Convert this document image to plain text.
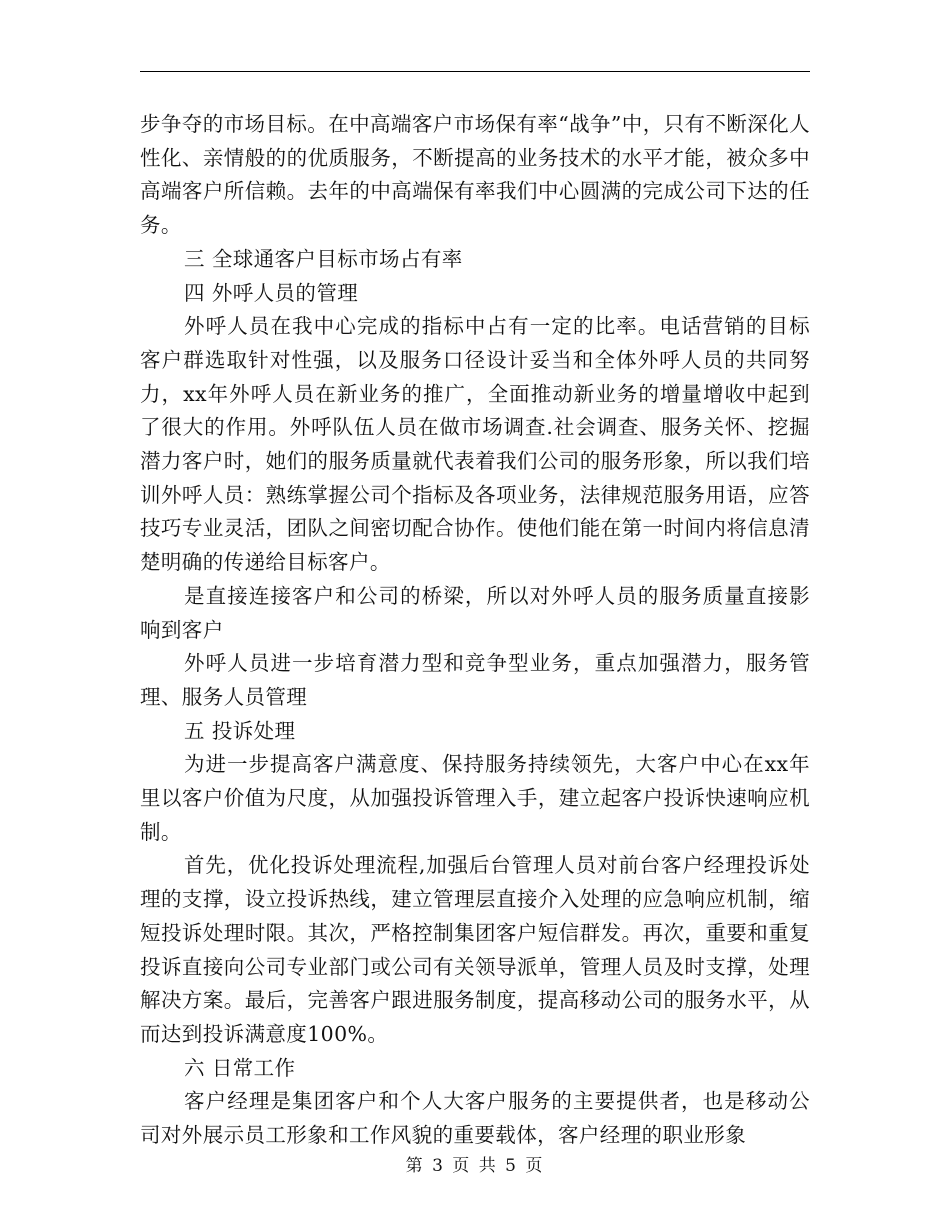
步争夺的市场目标。在中高端客户市场保有率“战争”中，只有不断深化人性化、亲情般的的优质服务，不断提高的业务技术的水平才能，被众多中高端客户所信赖。去年的中高端保有率我们中心圆满的完成公司下达的任务。

三 全球通客户目标市场占有率

四 外呼人员的管理

外呼人员在我中心完成的指标中占有一定的比率。电话营销的目标客户群选取针对性强，以及服务口径设计妥当和全体外呼人员的共同努力，xx年外呼人员在新业务的推广，全面推动新业务的增量增收中起到了很大的作用。外呼队伍人员在做市场调查.社会调查、服务关怀、挖掘潜力客户时，她们的服务质量就代表着我们公司的服务形象，所以我们培训外呼人员：熟练掌握公司个指标及各项业务，法律规范服务用语，应答技巧专业灵活，团队之间密切配合协作。使他们能在第一时间内将信息清楚明确的传递给目标客户。

是直接连接客户和公司的桥梁，所以对外呼人员的服务质量直接影响到客户

外呼人员进一步培育潜力型和竞争型业务，重点加强潜力，服务管理、服务人员管理

五 投诉处理

为进一步提高客户满意度、保持服务持续领先，大客户中心在xx年里以客户价值为尺度，从加强投诉管理入手，建立起客户投诉快速响应机制。

首先，优化投诉处理流程,加强后台管理人员对前台客户经理投诉处理的支撑，设立投诉热线，建立管理层直接介入处理的应急响应机制，缩短投诉处理时限。其次，严格控制集团客户短信群发。再次，重要和重复投诉直接向公司专业部门或公司有关领导派单，管理人员及时支撑，处理解决方案。最后，完善客户跟进服务制度，提高移动公司的服务水平，从而达到投诉满意度100%。

六 日常工作

客户经理是集团客户和个人大客户服务的主要提供者，也是移动公司对外展示员工形象和工作风貌的重要载体，客户经理的职业形象

第 3 页 共 5 页
